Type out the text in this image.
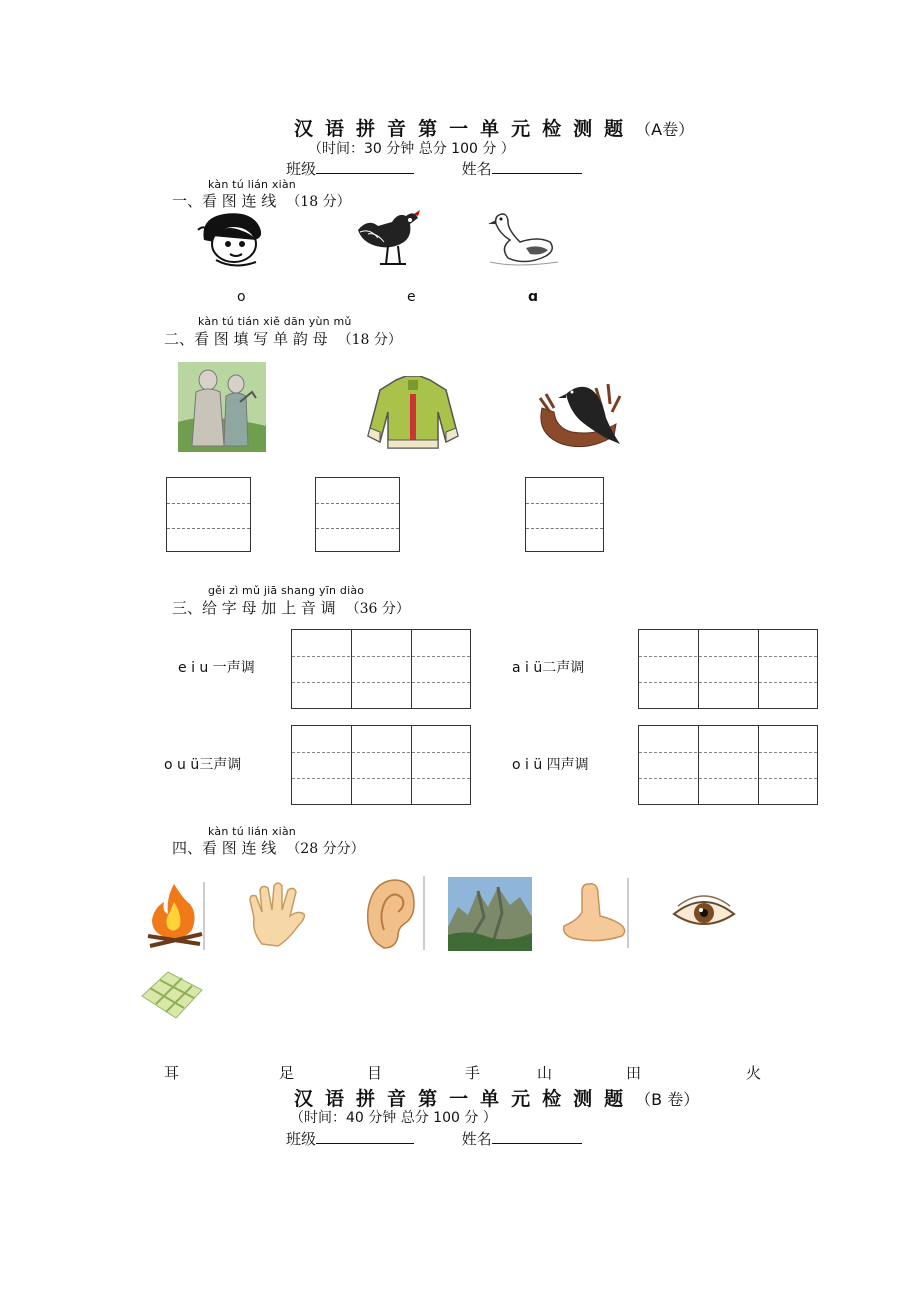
汉 语 拼 音 第 一 单 元 检 测 题 （A卷）
（时间：30 分钟 总分 100 分 ）
班级	姓名
kàn tú lián xiàn
一、看 图 连 线 （18 分）
o	e	ɑ
kàn tú tián xiě dān yùn mǔ
二、看 图 填 写 单 韵 母 （18 分）
gěi zì mǔ jiā shang yīn diào
三、给 字 母 加 上 音 调 （36 分）
e i u 一声调	a i ü二声调
o u ü三声调	o i ü 四声调
kàn tú lián xiàn
四、看 图 连 线 （28 分分）
耳	足	目	手	山	田	火
汉 语 拼 音 第 一 单 元 检 测 题 （B 卷）
（时间：40 分钟 总分 100 分 ）
班级	姓名
